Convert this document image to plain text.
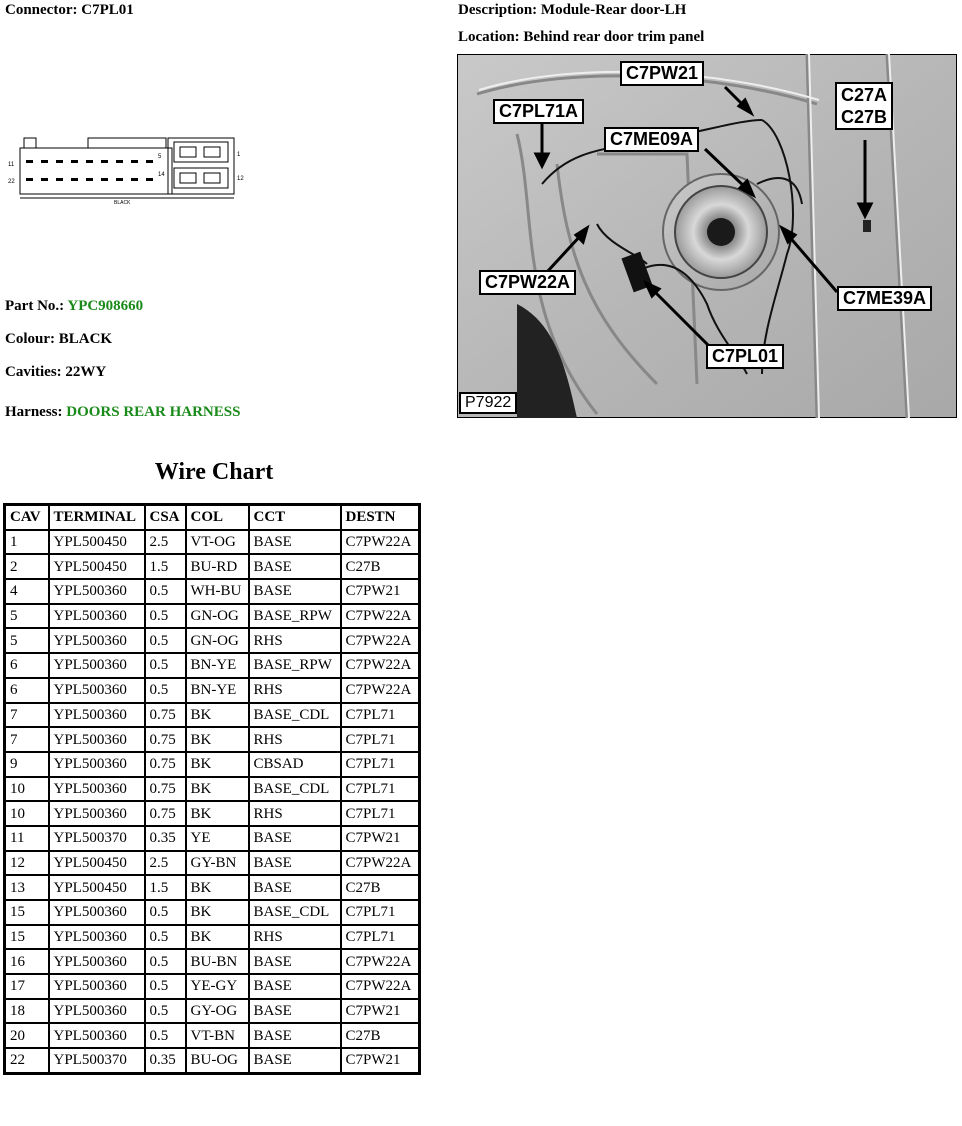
Connector: C7PL01	Description: Module-Rear door-LH
Location: Behind rear door trim panel
11
22
5
14
1
12
BLACK
Part No.: YPC908660
Colour: BLACK
Cavities: 22WY
Harness: DOORS REAR HARNESS
C7PW21
C7PL71A
C7ME09A
C27A
C27B
C7PW22A
C7ME39A
C7PL01
P7922
Wire Chart
CAV	TERMINAL	CSA	COL	CCT	DESTN
1	YPL500450	2.5	VT-OG	BASE	C7PW22A
2	YPL500450	1.5	BU-RD	BASE	C27B
4	YPL500360	0.5	WH-BU	BASE	C7PW21
5	YPL500360	0.5	GN-OG	BASE_RPW	C7PW22A
5	YPL500360	0.5	GN-OG	RHS	C7PW22A
6	YPL500360	0.5	BN-YE	BASE_RPW	C7PW22A
6	YPL500360	0.5	BN-YE	RHS	C7PW22A
7	YPL500360	0.75	BK	BASE_CDL	C7PL71
7	YPL500360	0.75	BK	RHS	C7PL71
9	YPL500360	0.75	BK	CBSAD	C7PL71
10	YPL500360	0.75	BK	BASE_CDL	C7PL71
10	YPL500360	0.75	BK	RHS	C7PL71
11	YPL500370	0.35	YE	BASE	C7PW21
12	YPL500450	2.5	GY-BN	BASE	C7PW22A
13	YPL500450	1.5	BK	BASE	C27B
15	YPL500360	0.5	BK	BASE_CDL	C7PL71
15	YPL500360	0.5	BK	RHS	C7PL71
16	YPL500360	0.5	BU-BN	BASE	C7PW22A
17	YPL500360	0.5	YE-GY	BASE	C7PW22A
18	YPL500360	0.5	GY-OG	BASE	C7PW21
20	YPL500360	0.5	VT-BN	BASE	C27B
22	YPL500370	0.35	BU-OG	BASE	C7PW21
